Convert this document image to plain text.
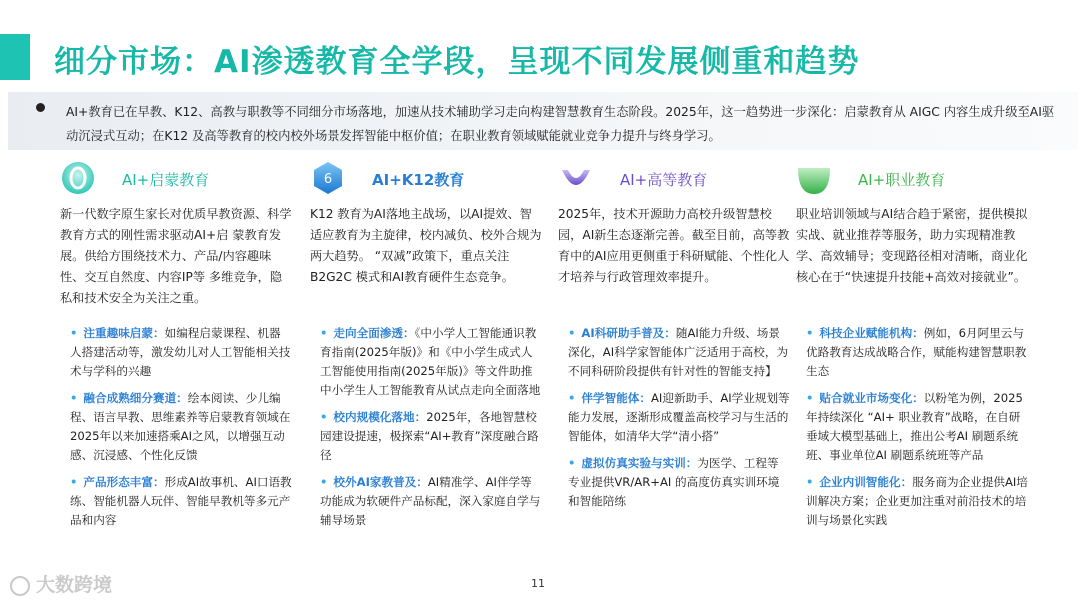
细分市场：AI渗透教育全学段，呈现不同发展侧重和趋势
AI+教育已在早教、K12、高教与职教等不同细分市场落地，加速从技术辅助学习走向构建智慧教育生态阶段。2025年，这一趋势进一步深化：启蒙教育从 AIGC 内容生成升级至AI驱动沉浸式互动；在K12 及高等教育的校内校外场景发挥智能中枢价值；在职业教育领域赋能就业竞争力提升与终身学习。
AI+启蒙教育
新一代数字原生家长对优质早教资源、科学教育方式的刚性需求驱动AI+启 蒙教育发展。供给方围绕技术力、产品/内容趣味性、交互自然度、内容IP等 多维竞争，隐私和技术安全为关注之重。
• 注重趣味启蒙：如编程启蒙课程、机器人搭建活动等，激发幼儿对人工智能相关技术与学科的兴趣
• 融合成熟细分赛道：绘本阅读、少儿编程、语言早教、思维素养等启蒙教育领域在2025年以来加速搭乘AI之风，以增强互动感、沉浸感、个性化反馈
• 产品形态丰富：形成AI故事机、AI口语教练、智能机器人玩伴、智能早教机等多元产品和内容
6	AI+K12教育
K12 教育为AI落地主战场，以AI提效、智适应教育为主旋律，校内减负、校外合规为两大趋势。 “双减”政策下，重点关注B2G2C 模式和AI教育硬件生态竞争。
• 走向全面渗透：《中小学人工智能通识教育指南(2025年版)》和《中小学生成式人工智能使用指南(2025年版)》等文件助推中小学生人工智能教育从试点走向全面落地
• 校内规模化落地：2025年，各地智慧校园建设提速，极探索“AI+教育”深度融合路径
• 校外AI家教普及：AI精准学、AI伴学等功能成为软硬件产品标配，深入家庭自学与辅导场景
AI+高等教育
2025年，技术开源助力高校升级智慧校园，AI新生态逐渐完善。截至目前，高等教育中的AI应用更侧重于科研赋能、个性化人才培养与行政管理效率提升。
• AI科研助手普及：随AI能力升级、场景深化，AI科学家智能体广泛适用于高校，为不同科研阶段提供有针对性的智能支持】
• 伴学智能体：AI迎新助手、AI学业规划等能力发展，逐渐形成覆盖高校学习与生活的智能体，如清华大学“清小搭”
• 虚拟仿真实验与实训：为医学、工程等专业提供VR/AR+AI 的高度仿真实训环境和智能陪练
AI+职业教育
职业培训领域与AI结合趋于紧密，提供模拟实战、就业推荐等服务，助力实现精准教学、高效辅导；变现路径相对清晰，商业化核心在于“快速提升技能+高效对接就业”。
• 科技企业赋能机构：例如，6月阿里云与优路教育达成战略合作，赋能构建智慧职教生态
• 贴合就业市场变化：以粉笔为例，2025年持续深化 “AI+ 职业教育”战略，在自研垂域大模型基础上，推出公考AI 刷题系统班、事业单位AI 刷题系统班等产品
• 企业内训智能化：服务商为企业提供AI培训解决方案；企业更加注重对前沿技术的培训与场景化实践
大数跨境	11
